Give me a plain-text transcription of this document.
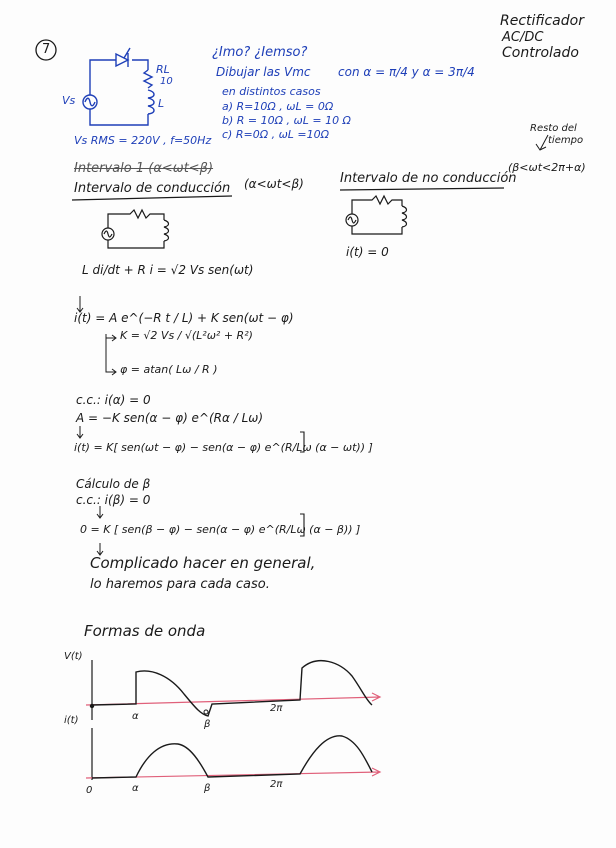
7
Rectificador
AC/DC
Controlado
Vs
RL
10
L
Vs RMS = 220V , f=50Hz
¿Imo? ¿Iemso?
Dibujar las Vmc con α = π/4 y α = 3π/4
en distintos casos
a) R=10Ω , ωL = 0Ω
b) R = 10Ω , ωL = 10 Ω
c) R=0Ω , ωL =10Ω
Intervalo 1 (α<ωt<β)
Intervalo de conducción (α<ωt<β)	Intervalo de no conducción
(β<ωt<2π+α)
Resto del
tiempo
i(t) = 0
L di/dt + R i = √2 Vs sen(ωt)
i(t) = A e^(−R t / L) + K sen(ωt − φ)
K = √2 Vs / √(L²ω² + R²)
φ = atan( Lω / R )
c.c.: i(α) = 0
A = −K sen(α − φ) e^(Rα / Lω)
i(t) = K[ sen(ωt − φ) − sen(α − φ) e^(R/Lω (α − ωt)) ]
Cálculo de β
c.c.: i(β) = 0
0 = K [ sen(β − φ) − sen(α − φ) e^(R/Lω (α − β)) ]
Complicado hacer en general,
lo haremos para cada caso.
Formas de onda
V(t)
α
β
2π
i(t)
0	α	β	2π
